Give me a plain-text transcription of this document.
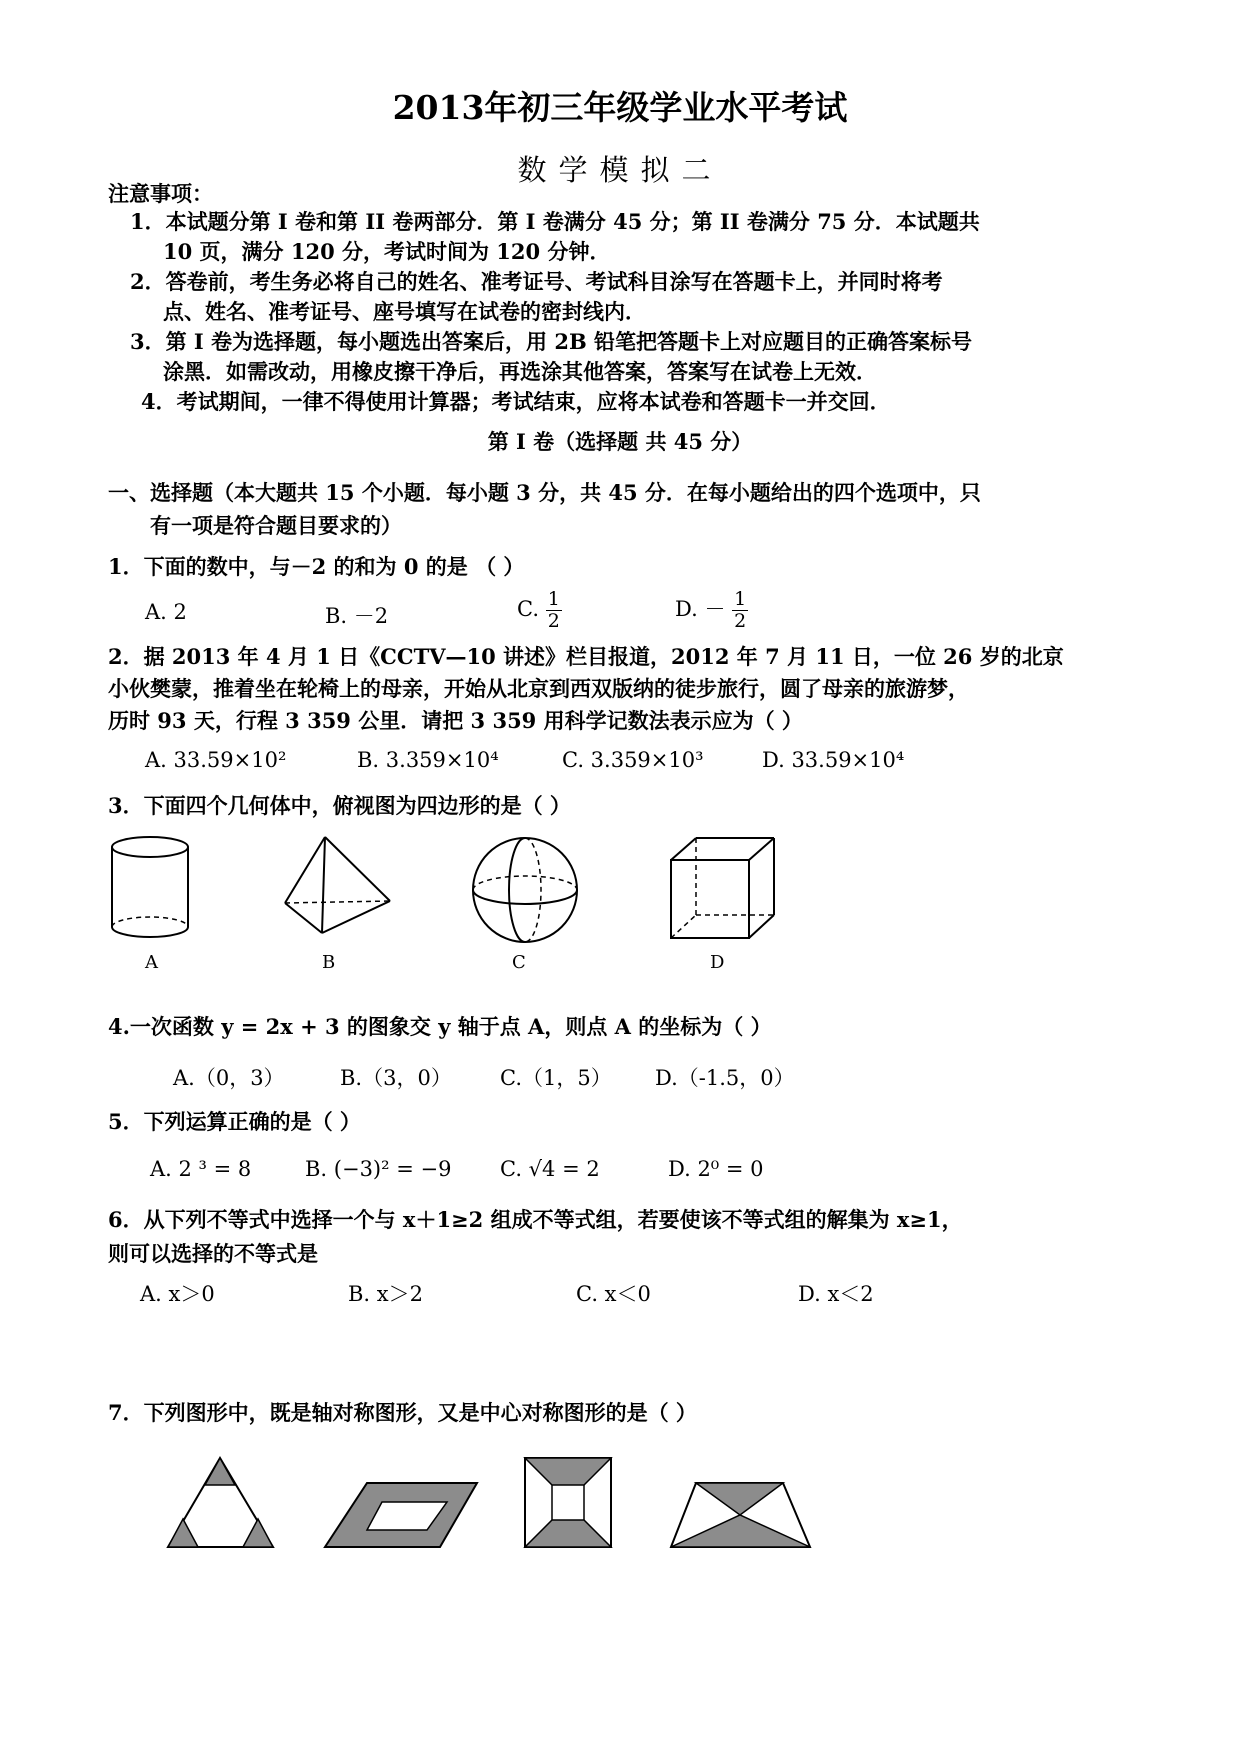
2013年初三年级学业水平考试
数学模拟二
注意事项：
1．本试题分第 I 卷和第 II 卷两部分．第 I 卷满分 45 分；第 II 卷满分 75 分．本试题共
10 页，满分 120 分，考试时间为 120 分钟．
2．答卷前，考生务必将自己的姓名、准考证号、考试科目涂写在答题卡上，并同时将考
点、姓名、准考证号、座号填写在试卷的密封线内．
3．第 I 卷为选择题，每小题选出答案后，用 2B 铅笔把答题卡上对应题目的正确答案标号
涂黑．如需改动，用橡皮擦干净后，再选涂其他答案，答案写在试卷上无效．
4．考试期间，一律不得使用计算器；考试结束，应将本试卷和答题卡一并交回．
第 I 卷（选择题 共 45 分）
一、选择题（本大题共 15 个小题．每小题 3 分，共 45 分．在每小题给出的四个选项中，只
有一项是符合题目要求的）
1．下面的数中，与－2 的和为 0 的是 （ ）
A. 2	B. －2	C. $\frac{1}{2}$	D. － $\frac{1}{2}$
2．据 2013 年 4 月 1 日《CCTV—10 讲述》栏目报道，2012 年 7 月 11 日，一位 26 岁的北京
小伙樊蒙，推着坐在轮椅上的母亲，开始从北京到西双版纳的徒步旅行，圆了母亲的旅游梦，
历时 93 天，行程 3 359 公里．请把 3 359 用科学记数法表示应为（ ）
A. 33.59×10²	B. 3.359×10⁴	C. 3.359×10³	D. 33.59×10⁴
3．下面四个几何体中，俯视图为四边形的是（ ）
A	B	C	D
4.一次函数 y = 2x + 3 的图象交 y 轴于点 A，则点 A 的坐标为（ ）
A.（0，3）	B.（3，0） C.（1，5） D.（-1.5，0）
5．下列运算正确的是（ ）
A. 2 ³ = 8	B. (−3)² = −9 C. √4 = 2	D. 2⁰ = 0
6．从下列不等式中选择一个与 x＋1≥2 组成不等式组，若要使该不等式组的解集为 x≥1，
则可以选择的不等式是
A. x＞0	B. x＞2	C. x＜0	D. x＜2
7．下列图形中，既是轴对称图形，又是中心对称图形的是（ ）
